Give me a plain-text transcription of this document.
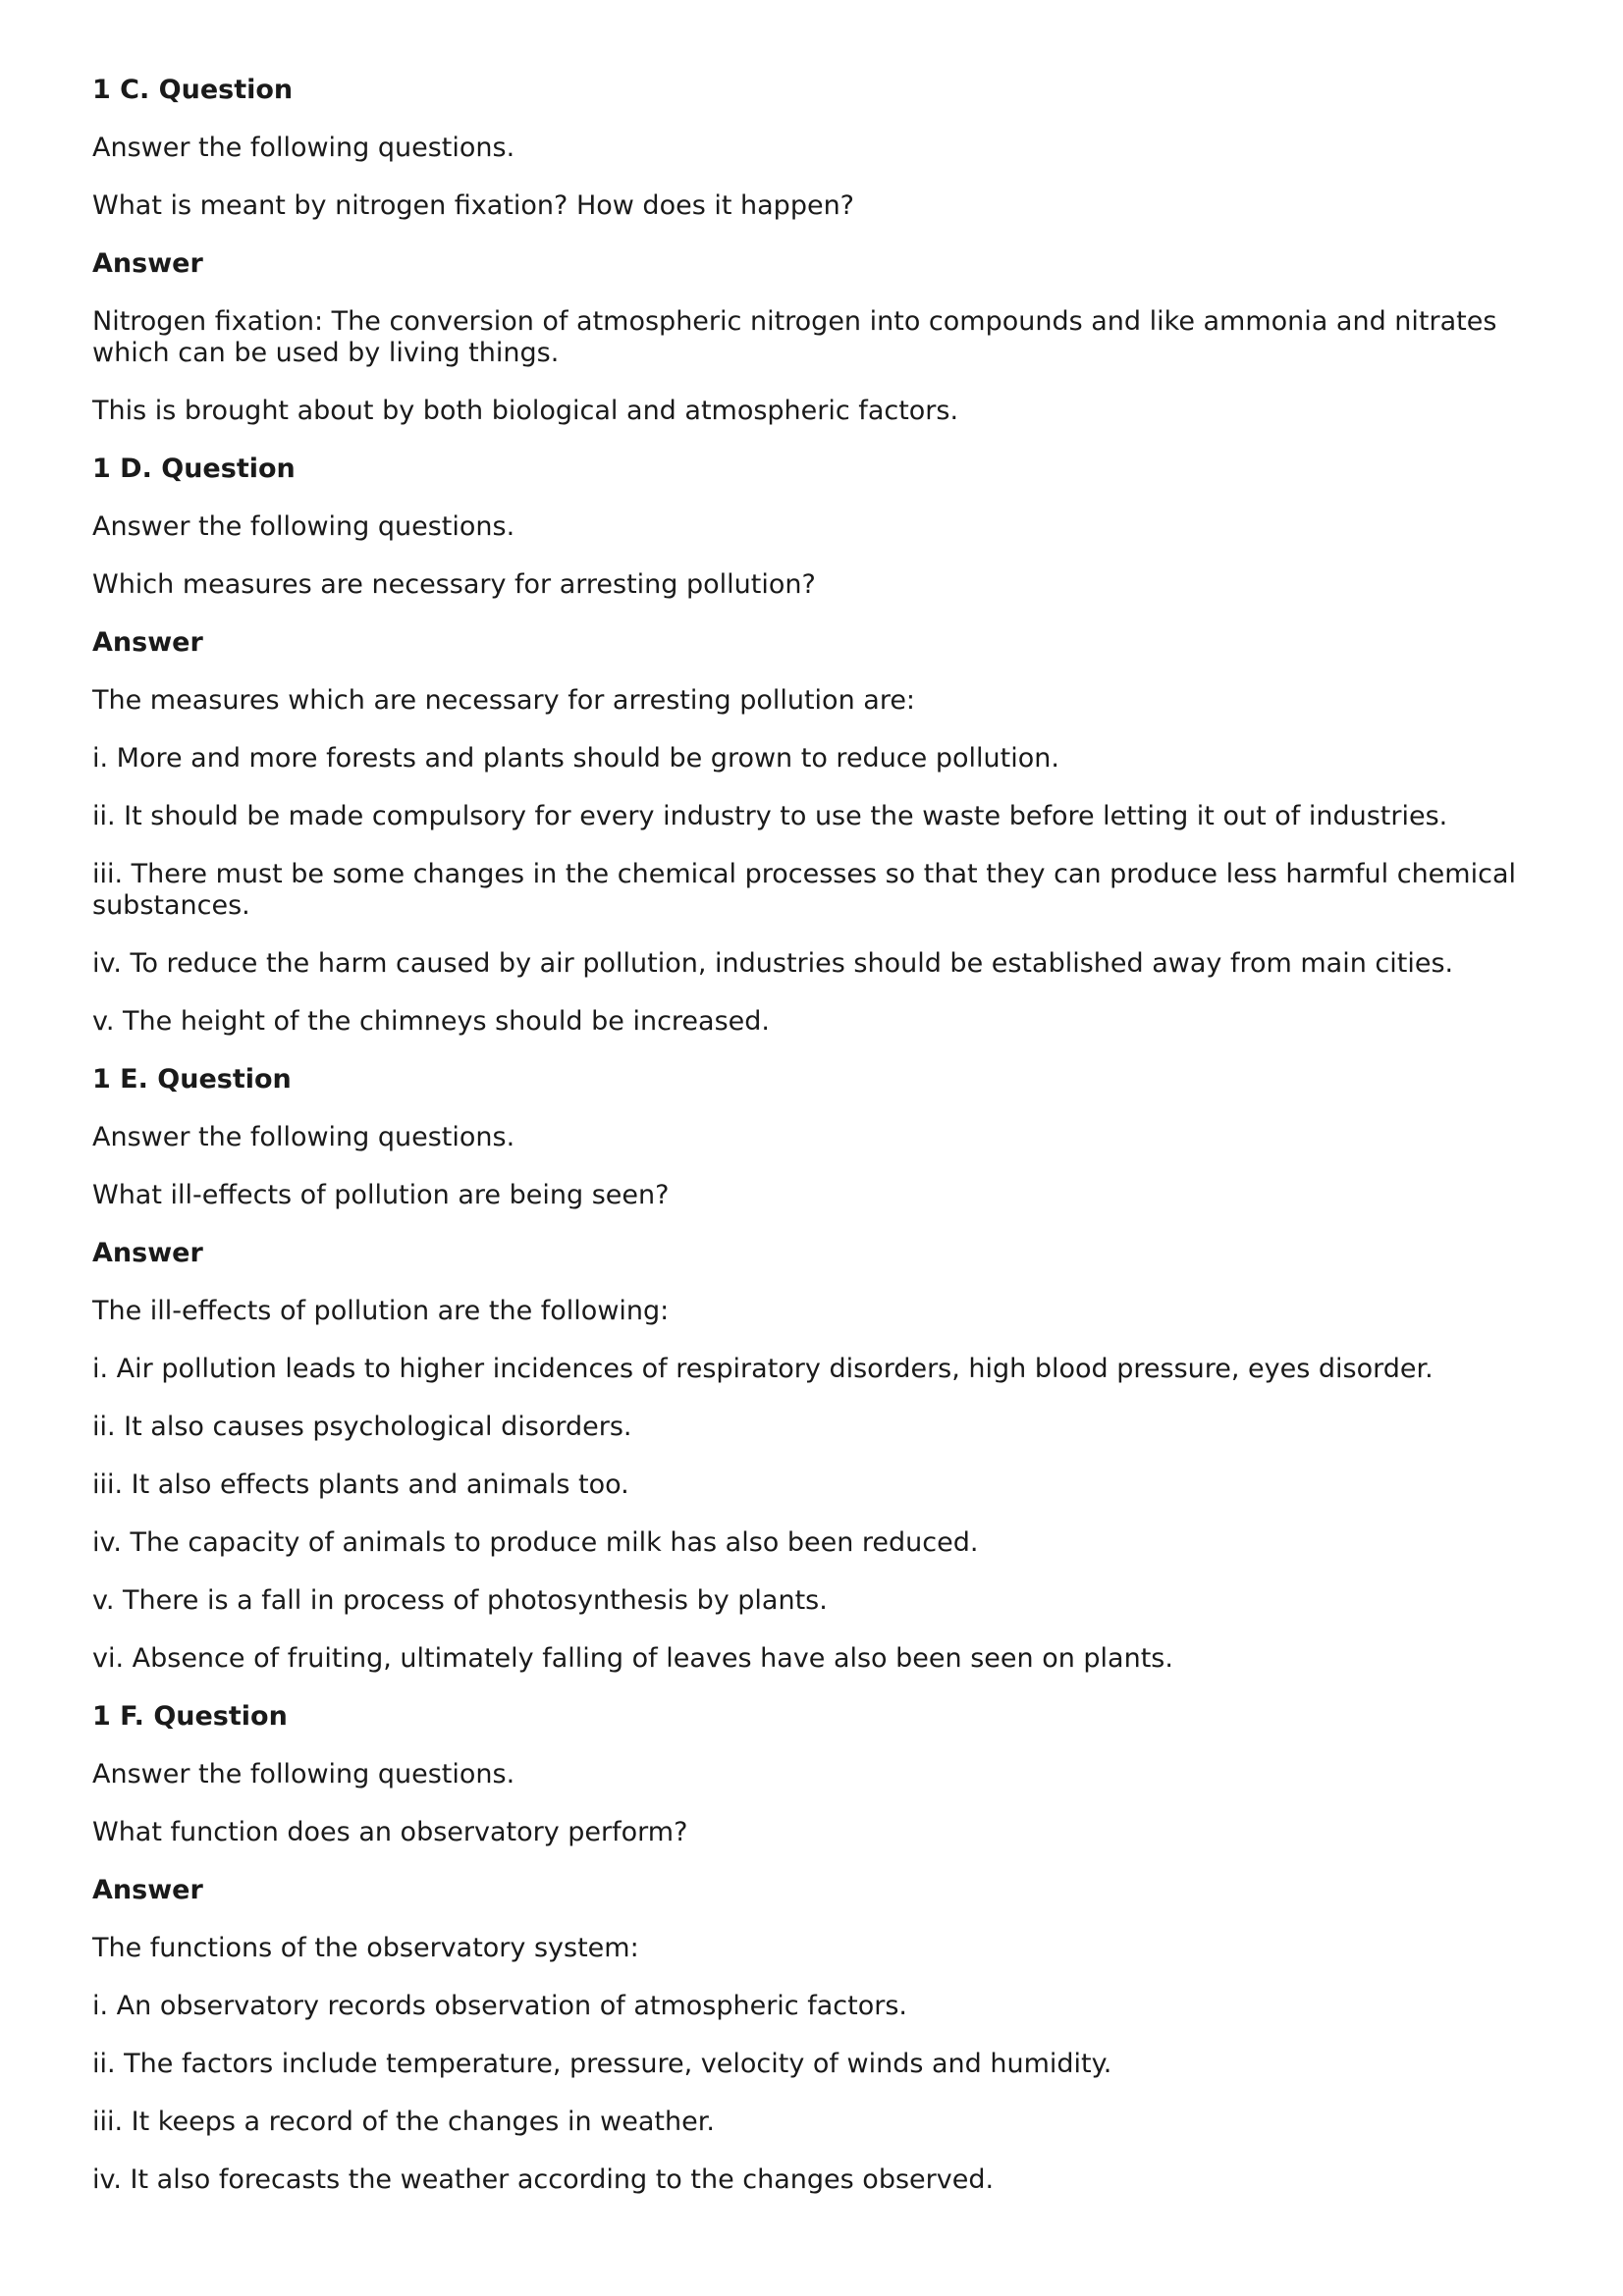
1 C. Question

Answer the following questions.

What is meant by nitrogen fixation? How does it happen?

Answer

Nitrogen fixation: The conversion of atmospheric nitrogen into compounds and like ammonia and nitrates which can be used by living things.

This is brought about by both biological and atmospheric factors.

1 D. Question

Answer the following questions.

Which measures are necessary for arresting pollution?

Answer

The measures which are necessary for arresting pollution are:

i. More and more forests and plants should be grown to reduce pollution.

ii. It should be made compulsory for every industry to use the waste before letting it out of industries.

iii. There must be some changes in the chemical processes so that they can produce less harmful chemical substances.

iv. To reduce the harm caused by air pollution, industries should be established away from main cities.

v. The height of the chimneys should be increased.

1 E. Question

Answer the following questions.

What ill-effects of pollution are being seen?

Answer

The ill-effects of pollution are the following:

i. Air pollution leads to higher incidences of respiratory disorders, high blood pressure, eyes disorder.

ii. It also causes psychological disorders.

iii. It also effects plants and animals too.

iv. The capacity of animals to produce milk has also been reduced.

v. There is a fall in process of photosynthesis by plants.

vi. Absence of fruiting, ultimately falling of leaves have also been seen on plants.

1 F. Question

Answer the following questions.

What function does an observatory perform?

Answer

The functions of the observatory system:

i. An observatory records observation of atmospheric factors.

ii. The factors include temperature, pressure, velocity of winds and humidity.

iii. It keeps a record of the changes in weather.

iv. It also forecasts the weather according to the changes observed.
